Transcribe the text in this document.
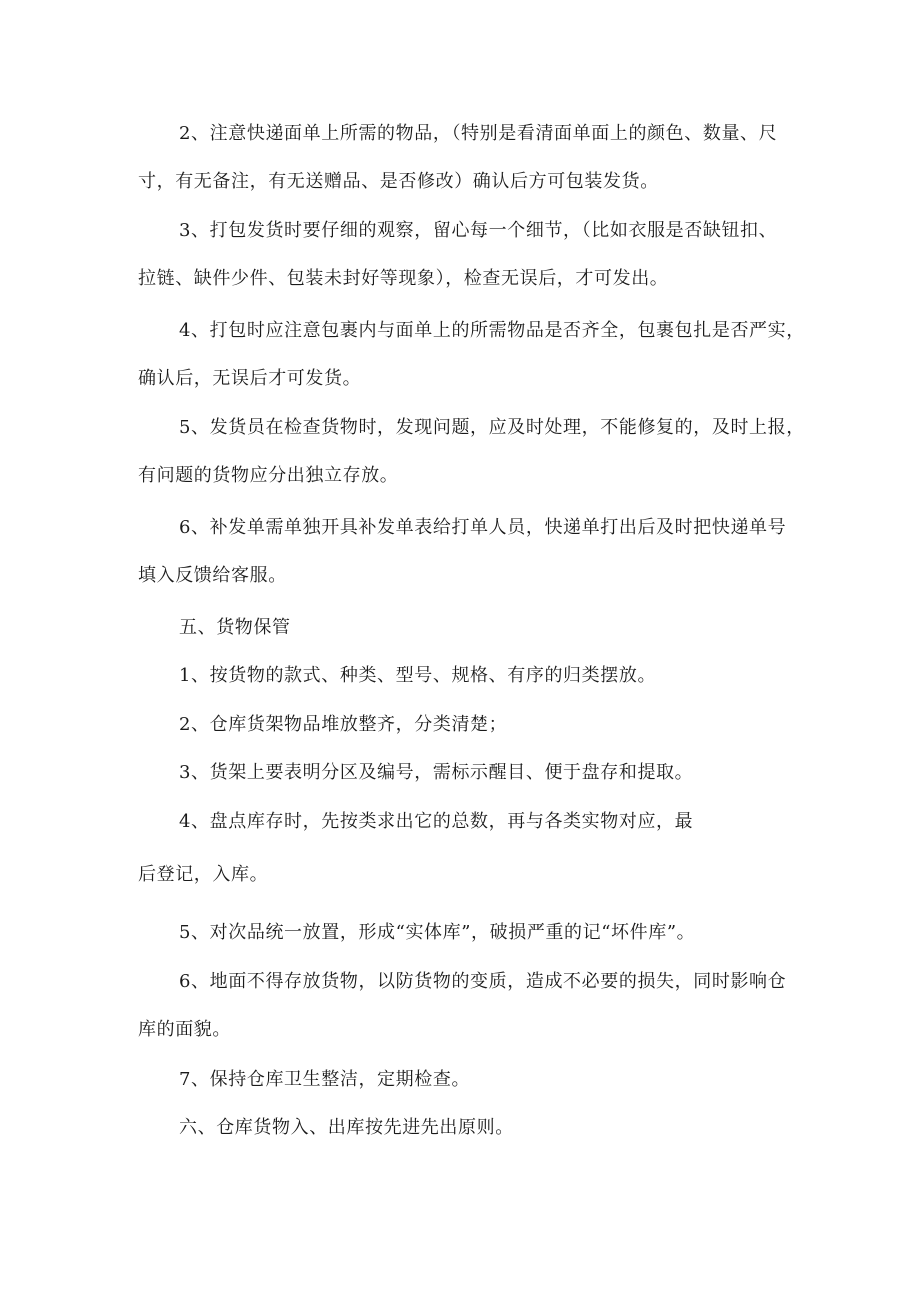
2、注意快递面单上所需的物品，（特别是看清面单面上的颜色、数量、尺
寸，有无备注，有无送赠品、是否修改）确认后方可包装发货。
3、打包发货时要仔细的观察，留心每一个细节，（比如衣服是否缺钮扣、
拉链、缺件少件、包装未封好等现象），检查无误后，才可发出。
4、打包时应注意包裹内与面单上的所需物品是否齐全，包裹包扎是否严实，
确认后，无误后才可发货。
5、发货员在检查货物时，发现问题，应及时处理，不能修复的，及时上报，
有问题的货物应分出独立存放。
6、补发单需单独开具补发单表给打单人员，快递单打出后及时把快递单号
填入反馈给客服。
五、货物保管
1、按货物的款式、种类、型号、规格、有序的归类摆放。
2、仓库货架物品堆放整齐，分类清楚；
3、货架上要表明分区及编号，需标示醒目、便于盘存和提取。
4、盘点库存时，先按类求出它的总数，再与各类实物对应，最
后登记，入库。
5、对次品统一放置，形成“实体库”，破损严重的记“坏件库”。
6、地面不得存放货物，以防货物的变质，造成不必要的损失，同时影响仓
库的面貌。
7、保持仓库卫生整洁，定期检查。
六、仓库货物入、出库按先进先出原则。
